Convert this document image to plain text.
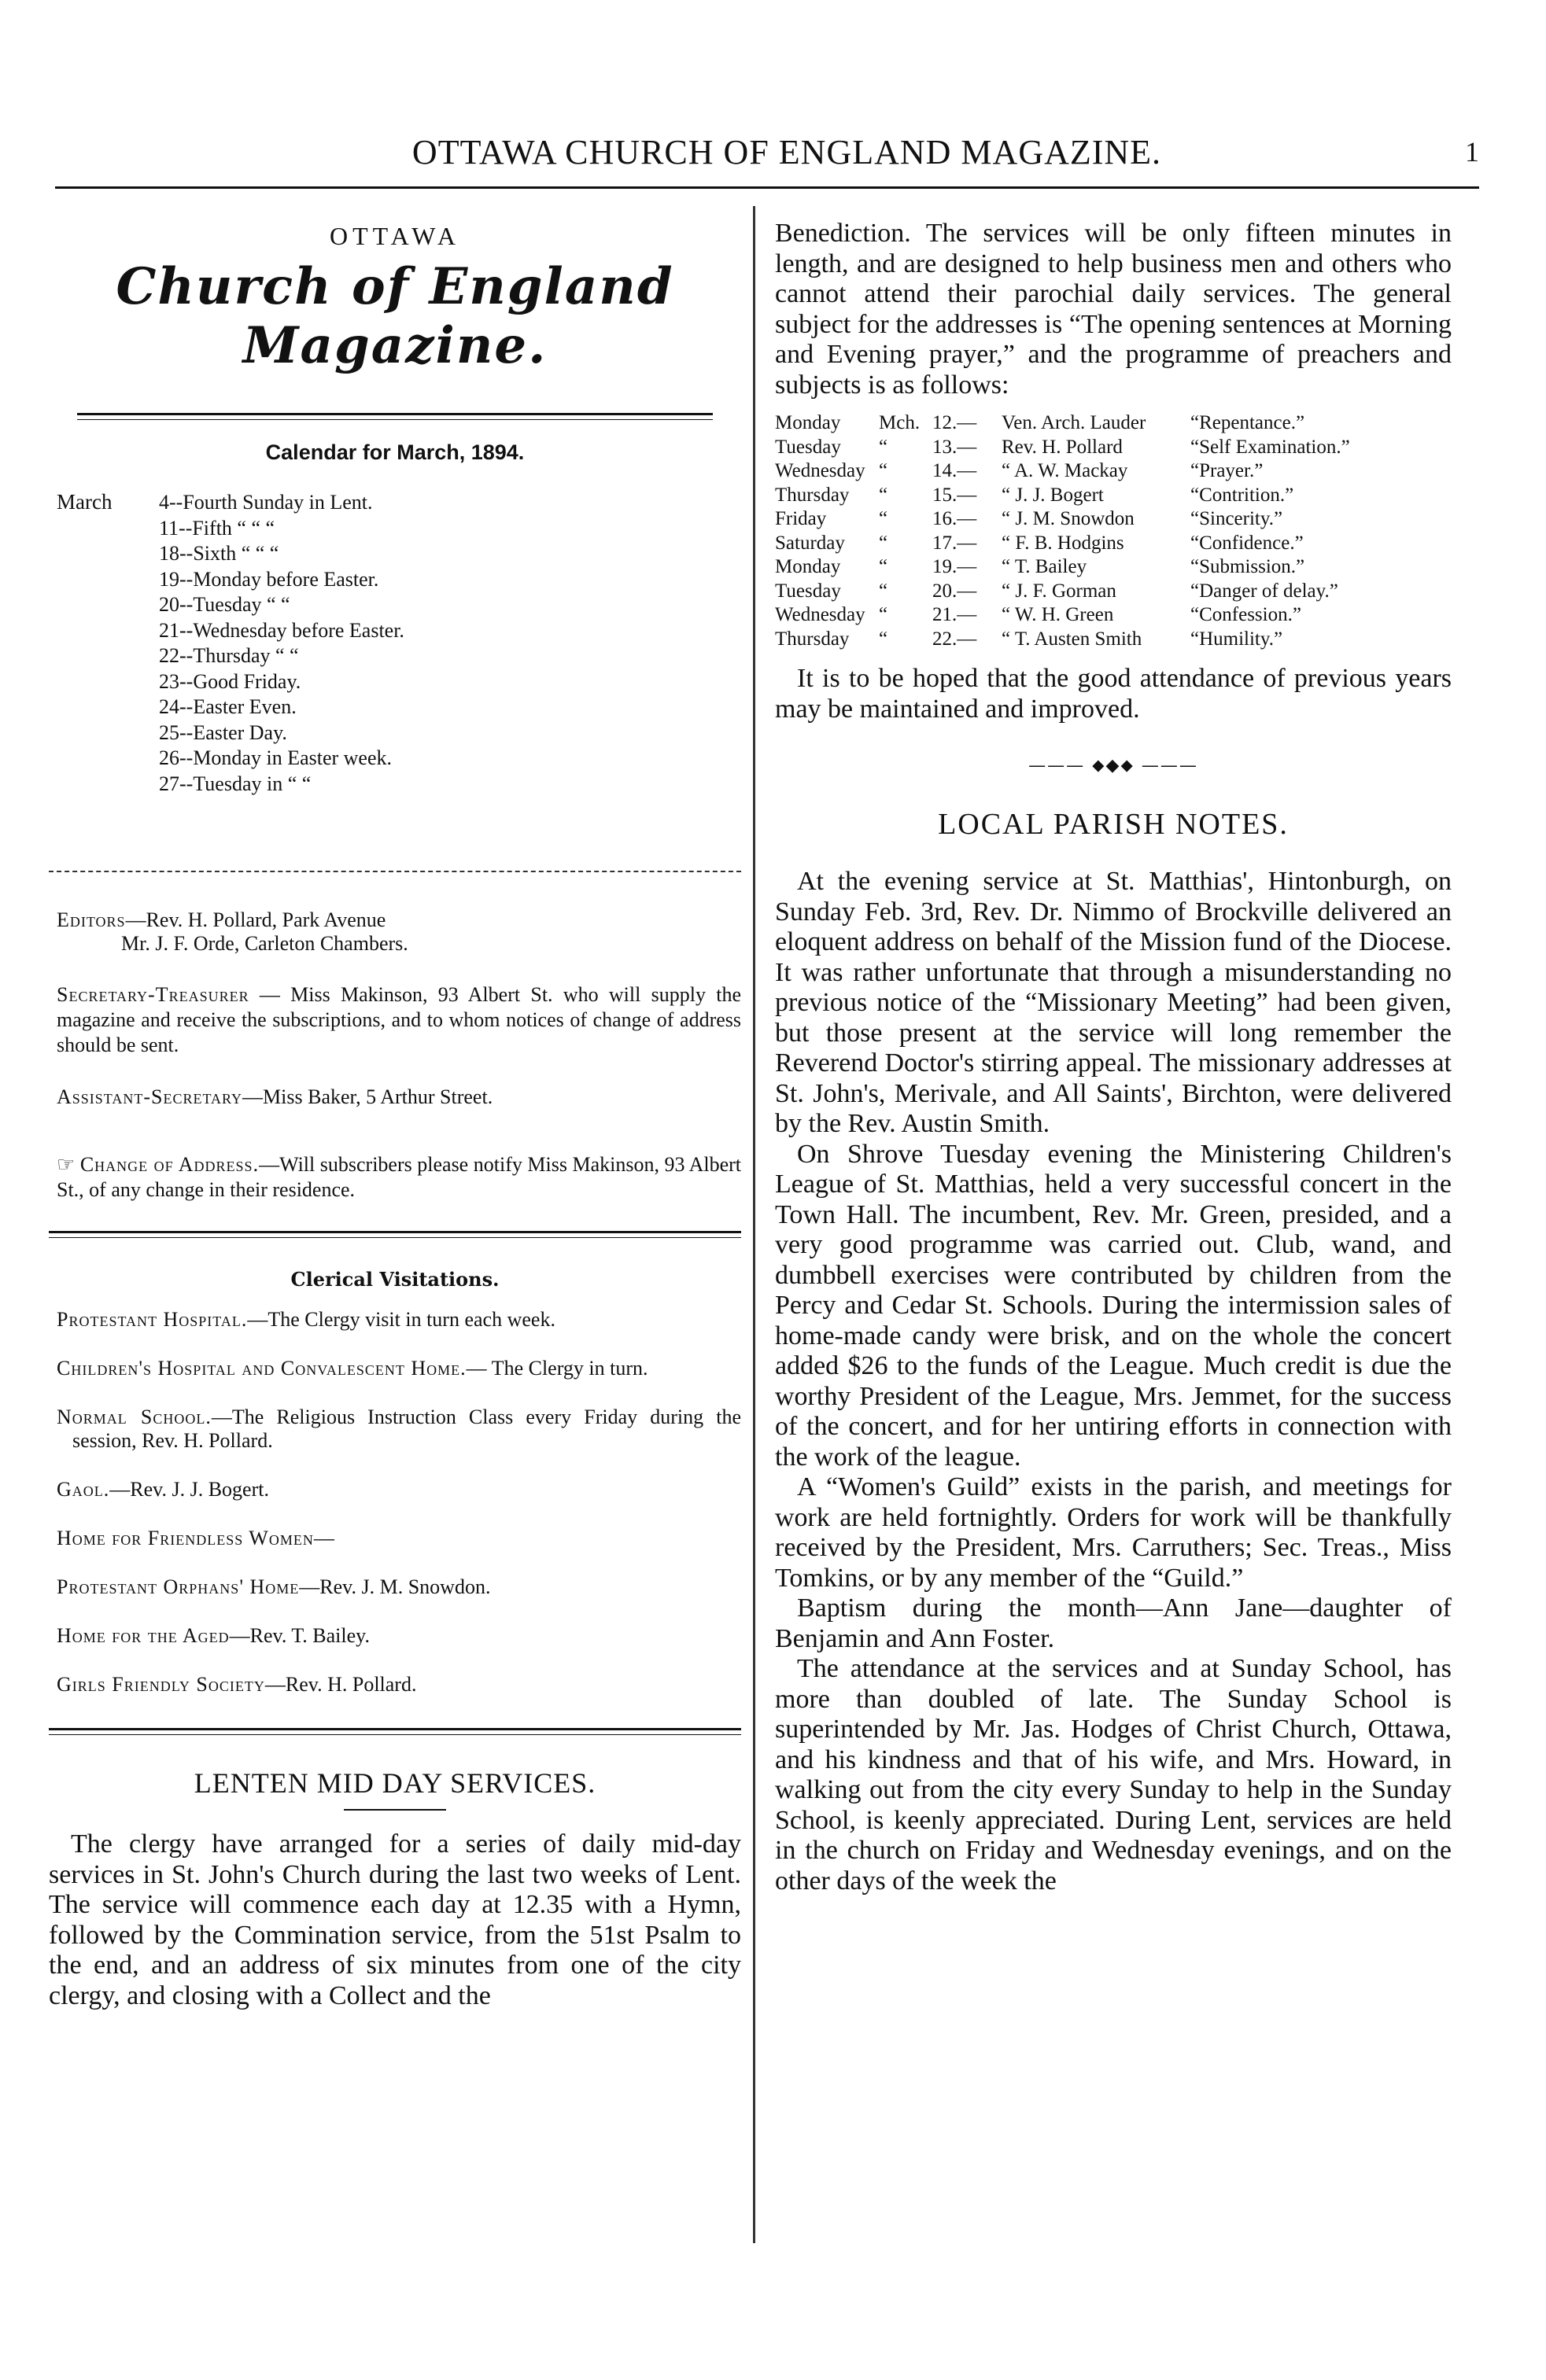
OTTAWA CHURCH OF ENGLAND MAGAZINE.	1
OTTAWA
Church of England Magazine.
Calendar for March, 1894.
March 4--Fourth Sunday in Lent.
11--Fifth “ “ “
18--Sixth “ “ “
19--Monday before Easter.
20--Tuesday “ “
21--Wednesday before Easter.
22--Thursday “ “
23--Good Friday.
24--Easter Even.
25--Easter Day.
26--Monday in Easter week.
27--Tuesday in “ “
Editors—Rev. H. Pollard, Park Avenue
Mr. J. F. Orde, Carleton Chambers.
Secretary-Treasurer — Miss Makinson, 93 Albert St. who will supply the magazine and receive the subscriptions, and to whom notices of change of address should be sent.
Assistant-Secretary—Miss Baker, 5 Arthur Street.
☞ Change of Address.—Will subscribers please notify Miss Makinson, 93 Albert St., of any change in their residence.
Clerical Visitations.
Protestant Hospital.—The Clergy visit in turn each week.
Children's Hospital and Convalescent Home.— The Clergy in turn.
Normal School.—The Religious Instruction Class every Friday during the session, Rev. H. Pollard.
Gaol.—Rev. J. J. Bogert.
Home for Friendless Women—
Protestant Orphans' Home—Rev. J. M. Snowdon.
Home for the Aged—Rev. T. Bailey.
Girls Friendly Society—Rev. H. Pollard.
LENTEN MID DAY SERVICES.
The clergy have arranged for a series of daily mid-day services in St. John's Church during the last two weeks of Lent. The service will commence each day at 12.35 with a Hymn, followed by the Commination service, from the 51st Psalm to the end, and an address of six minutes from one of the city clergy, and closing with a Collect and the
Benediction. The services will be only fifteen minutes in length, and are designed to help business men and others who cannot attend their parochial daily services. The general subject for the addresses is “The opening sentences at Morning and Evening prayer,” and the programme of preachers and subjects is as follows:
Monday	Mch. 12.—	Ven. Arch. Lauder	“Repentance.”
Tuesday	“	13.—	Rev. H. Pollard	“Self Examination.”
Wednesday “	14.—	“ A. W. Mackay	“Prayer.”
Thursday	“	15.—	“ J. J. Bogert	“Contrition.”
Friday	“	16.—	“ J. M. Snowdon	“Sincerity.”
Saturday	“	17.—	“ F. B. Hodgins	“Confidence.”
Monday	“	19.—	“ T. Bailey	“Submission.”
Tuesday	“	20.—	“ J. F. Gorman	“Danger of delay.”
Wednesday “	21.—	“ W. H. Green	“Confession.”
Thursday	“	22.—	“ T. Austen Smith	“Humility.”
It is to be hoped that the good attendance of previous years may be maintained and improved.
——— ⬥◆⬥ ———
LOCAL PARISH NOTES.
At the evening service at St. Matthias', Hintonburgh, on Sunday Feb. 3rd, Rev. Dr. Nimmo of Brockville delivered an eloquent address on behalf of the Mission fund of the Diocese. It was rather unfortunate that through a misunderstanding no previous notice of the “Missionary Meeting” had been given, but those present at the service will long remember the Reverend Doctor's stirring appeal. The missionary addresses at St. John's, Merivale, and All Saints', Birchton, were delivered by the Rev. Austin Smith.
On Shrove Tuesday evening the Ministering Children's League of St. Matthias, held a very successful concert in the Town Hall. The incumbent, Rev. Mr. Green, presided, and a very good programme was carried out. Club, wand, and dumbbell exercises were contributed by children from the Percy and Cedar St. Schools. During the intermission sales of home-made candy were brisk, and on the whole the concert added $26 to the funds of the League. Much credit is due the worthy President of the League, Mrs. Jemmet, for the success of the concert, and for her untiring efforts in connection with the work of the league.
A “Women's Guild” exists in the parish, and meetings for work are held fortnightly. Orders for work will be thankfully received by the President, Mrs. Carruthers; Sec. Treas., Miss Tomkins, or by any member of the “Guild.”
Baptism during the month—Ann Jane—daughter of Benjamin and Ann Foster.
The attendance at the services and at Sunday School, has more than doubled of late. The Sunday School is superintended by Mr. Jas. Hodges of Christ Church, Ottawa, and his kindness and that of his wife, and Mrs. Howard, in walking out from the city every Sunday to help in the Sunday School, is keenly appreciated. During Lent, services are held in the church on Friday and Wednesday evenings, and on the other days of the week the
